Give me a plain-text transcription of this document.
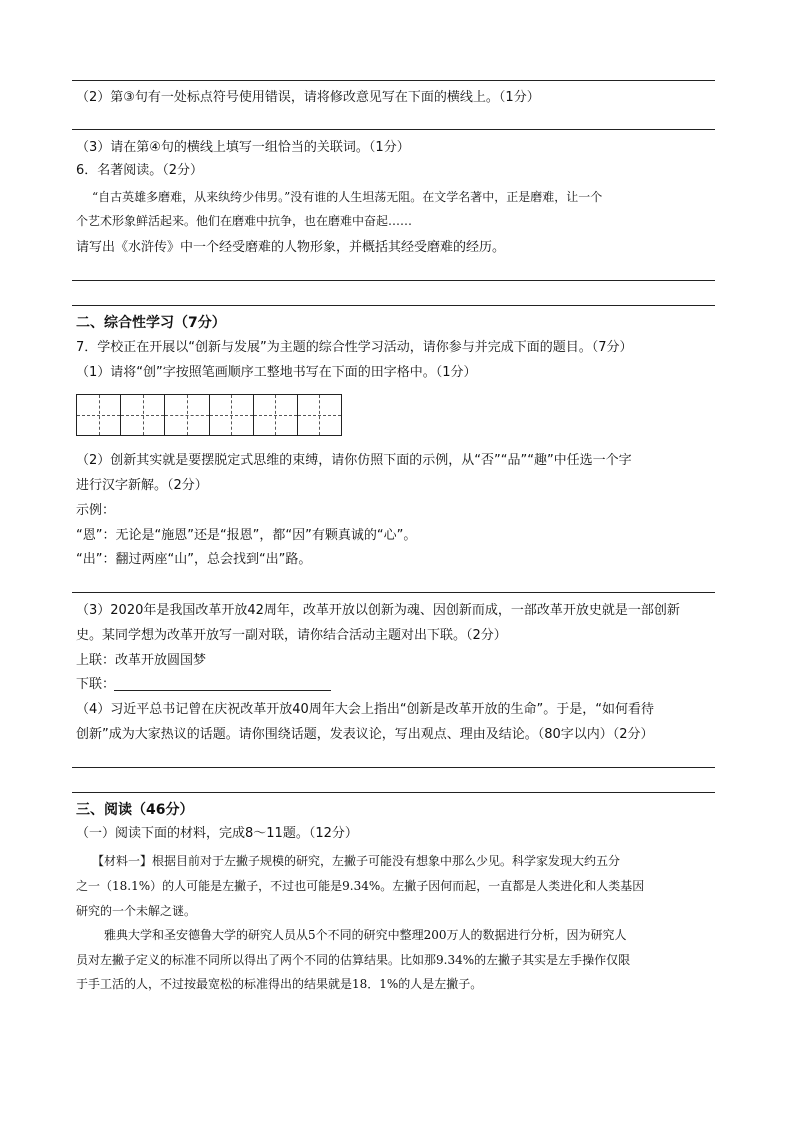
（2）第③句有一处标点符号使用错误，请将修改意见写在下面的横线上。（1分）
（3）请在第④句的横线上填写一组恰当的关联词。（1分）
6．名著阅读。（2分）
“自古英雄多磨难，从来纨绔少伟男。”没有谁的人生坦荡无阻。在文学名著中，正是磨难，让一个
个艺术形象鲜活起来。他们在磨难中抗争，也在磨难中奋起……
请写出《水浒传》中一个经受磨难的人物形象，并概括其经受磨难的经历。
二、综合性学习（7分）
7．学校正在开展以“创新与发展”为主题的综合性学习活动，请你参与并完成下面的题目。（7分）
（1）请将“创”字按照笔画顺序工整地书写在下面的田字格中。（1分）
（2）创新其实就是要摆脱定式思维的束缚，请你仿照下面的示例，从“否”“品”“趣”中任选一个字
进行汉字新解。（2分）
示例：
“恩”：无论是“施恩”还是“报恩”，都“因”有颗真诚的“心”。
“出”：翻过两座“山”，总会找到“出”路。
（3）2020年是我国改革开放42周年，改革开放以创新为魂、因创新而成，一部改革开放史就是一部创新
史。某同学想为改革开放写一副对联，请你结合活动主题对出下联。（2分）
上联：改革开放圆国梦
下联：
（4）习近平总书记曾在庆祝改革开放40周年大会上指出“创新是改革开放的生命”。于是，“如何看待
创新”成为大家热议的话题。请你围绕话题，发表议论，写出观点、理由及结论。（80字以内）（2分）
三、阅读（46分）
（一）阅读下面的材料，完成8～11题。（12分）
【材料一】根据目前对于左撇子规模的研究，左撇子可能没有想象中那么少见。科学家发现大约五分
之一（18.1%）的人可能是左撇子，不过也可能是9.34%。左撇子因何而起，一直都是人类进化和人类基因
研究的一个未解之谜。
雅典大学和圣安德鲁大学的研究人员从5个不同的研究中整理200万人的数据进行分析，因为研究人
员对左撇子定义的标准不同所以得出了两个不同的估算结果。比如那9.34%的左撇子其实是左手操作仅限
于手工活的人，不过按最宽松的标准得出的结果就是18．1%的人是左撇子。
